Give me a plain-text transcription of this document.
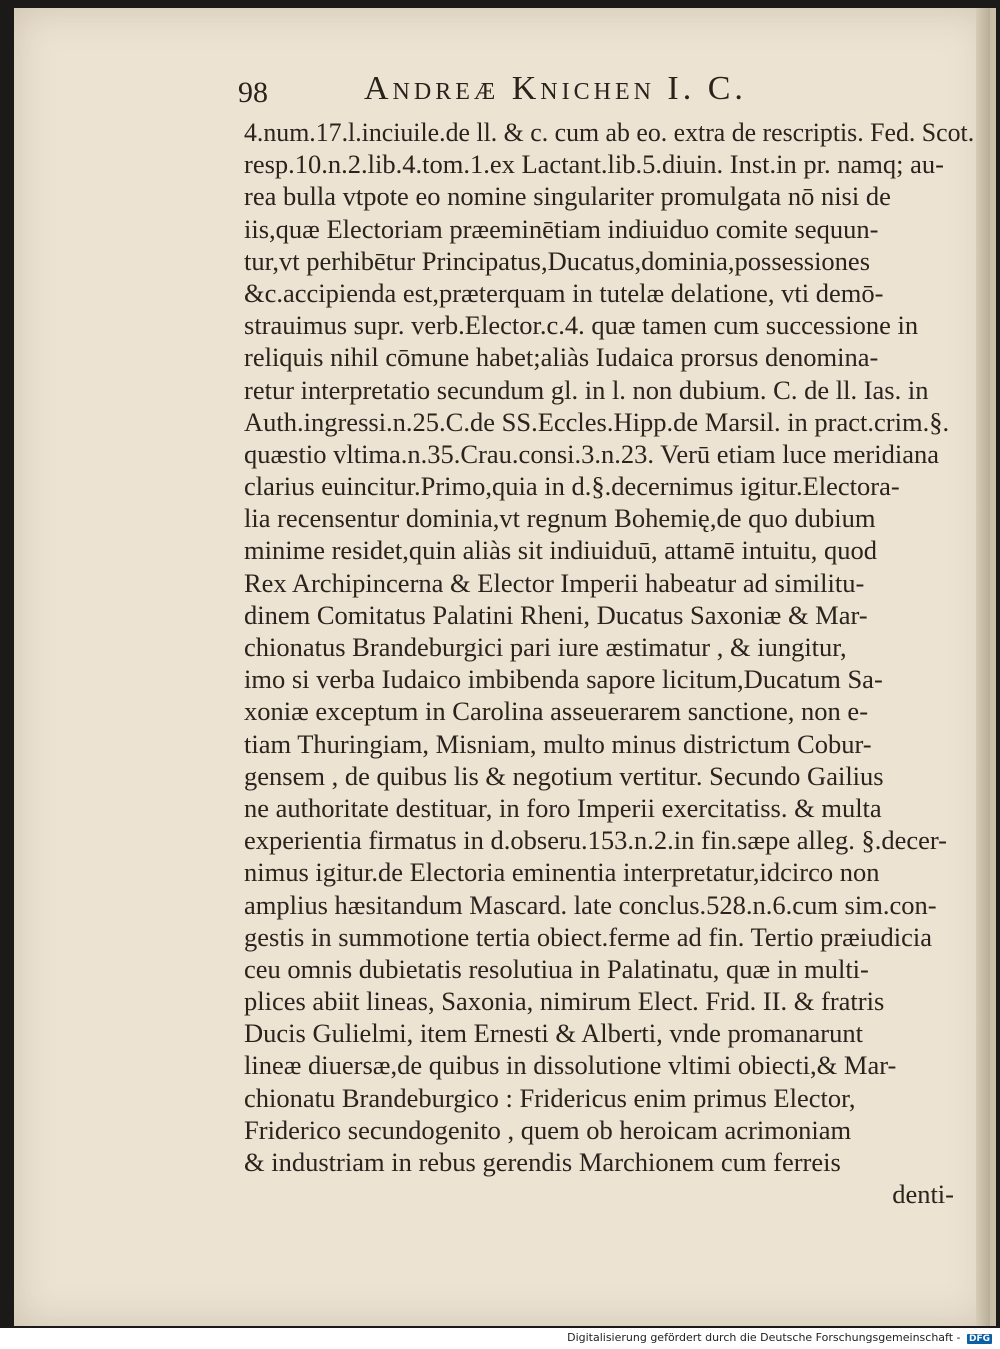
98	Andreæ Knichen I. C.
4.num.17.l.inciuile.de ll. & c. cum ab eo. extra de rescriptis. Fed. Scot.
resp.10.n.2.lib.4.tom.1.ex Lactant.lib.5.diuin. Inst.in pr. namq; au-
rea bulla vtpote eo nomine singulariter promulgata nō nisi de
iis,quæ Electoriam præeminētiam indiuiduo comite sequun-
tur,vt perhibētur Principatus,Ducatus,dominia,possessiones
&c.accipienda est,præterquam in tutelæ delatione, vti demō-
strauimus supr. verb.Elector.c.4. quæ tamen cum successione in
reliquis nihil cōmune habet;aliàs Iudaica prorsus denomina-
retur interpretatio secundum gl. in l. non dubium. C. de ll. Ias. in
Auth.ingressi.n.25.C.de SS.Eccles.Hipp.de Marsil. in pract.crim.§.
quæstio vltima.n.35.Crau.consi.3.n.23. Verū etiam luce meridiana
clarius euincitur.Primo,quia in d.§.decernimus igitur.Electora-
lia recensentur dominia,vt regnum Bohemię,de quo dubium
minime residet,quin aliàs sit indiuiduū, attamē intuitu, quod
Rex Archipincerna & Elector Imperii habeatur ad similitu-
dinem Comitatus Palatini Rheni, Ducatus Saxoniæ & Mar-
chionatus Brandeburgici pari iure æstimatur , & iungitur,
imo si verba Iudaico imbibenda sapore licitum,Ducatum Sa-
xoniæ exceptum in Carolina asseuerarem sanctione, non e-
tiam Thuringiam, Misniam, multo minus districtum Cobur-
gensem , de quibus lis & negotium vertitur. Secundo Gailius
ne authoritate destituar, in foro Imperii exercitatiss. & multa
experientia firmatus in d.obseru.153.n.2.in fin.sæpe alleg. §.decer-
nimus igitur.de Electoria eminentia interpretatur,idcirco non
amplius hæsitandum Mascard. late conclus.528.n.6.cum sim.con-
gestis in summotione tertia obiect.ferme ad fin. Tertio præiudicia
ceu omnis dubietatis resolutiua in Palatinatu, quæ in multi-
plices abiit lineas, Saxonia, nimirum Elect. Frid. II. & fratris
Ducis Gulielmi, item Ernesti & Alberti, vnde promanarunt
lineæ diuersæ,de quibus in dissolutione vltimi obiecti,& Mar-
chionatu Brandeburgico : Fridericus enim primus Elector,
Friderico secundogenito , quem ob heroicam acrimoniam
& industriam in rebus gerendis Marchionem cum ferreis
denti-
Digitalisierung gefördert durch die Deutsche Forschungsgemeinschaft - DFG
